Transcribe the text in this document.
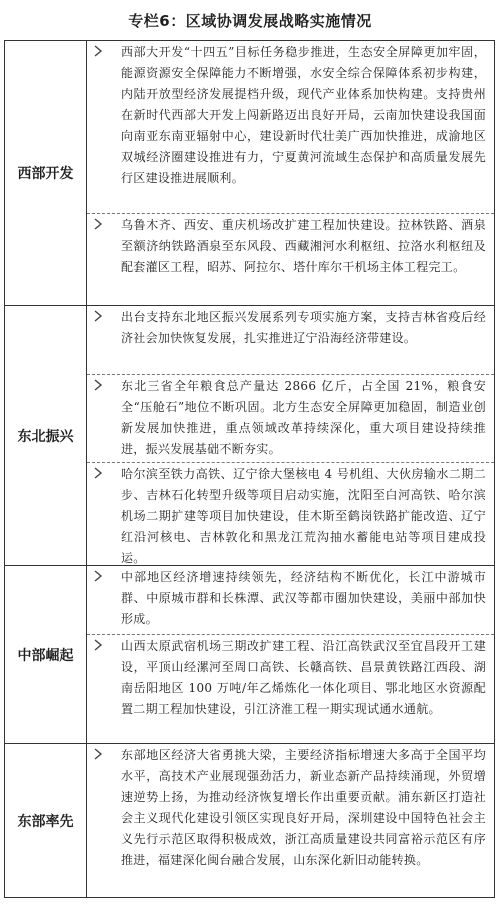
专栏6：区域协调发展战略实施情况
西部开发
西部大开发“十四五”目标任务稳步推进，生态安全屏障更加牢固，能源资源安全保障能力不断增强，水安全综合保障体系初步构建，内陆开放型经济发展提档升级，现代产业体系加快构建。支持贵州在新时代西部大开发上闯新路迈出良好开局，云南加快建设我国面向南亚东南亚辐射中心，建设新时代壮美广西加快推进，成渝地区双城经济圈建设推进有力，宁夏黄河流域生态保护和高质量发展先行区建设推进展顺利。
乌鲁木齐、西安、重庆机场改扩建工程加快建设。拉林铁路、酒泉至额济纳铁路酒泉至东风段、西藏湘河水利枢纽、拉洛水利枢纽及配套灌区工程，昭苏、阿拉尔、塔什库尔干机场主体工程完工。
东北振兴
出台支持东北地区振兴发展系列专项实施方案，支持吉林省疫后经济社会加快恢复发展，扎实推进辽宁沿海经济带建设。
东北三省全年粮食总产量达 2866 亿斤，占全国 21%，粮食安全“压舱石”地位不断巩固。北方生态安全屏障更加稳固，制造业创新发展加快推进，重点领域改革持续深化，重大项目建设持续推进，振兴发展基础不断夯实。
哈尔滨至铁力高铁、辽宁徐大堡核电 4 号机组、大伙房输水二期二步、吉林石化转型升级等项目启动实施，沈阳至白河高铁、哈尔滨机场二期扩建等项目加快建设，佳木斯至鹤岗铁路扩能改造、辽宁红沿河核电、吉林敦化和黑龙江荒沟抽水蓄能电站等项目建成投运。
中部崛起
中部地区经济增速持续领先，经济结构不断优化，长江中游城市群、中原城市群和长株潭、武汉等都市圈加快建设，美丽中部加快形成。
山西太原武宿机场三期改扩建工程、沿江高铁武汉至宜昌段开工建设，平顶山经漯河至周口高铁、长赣高铁、昌景黄铁路江西段、湖南岳阳地区 100 万吨/年乙烯炼化一体化项目、鄂北地区水资源配置二期工程加快建设，引江济淮工程一期实现试通水通航。
东部率先
东部地区经济大省勇挑大梁，主要经济指标增速大多高于全国平均水平，高技术产业展现强劲活力，新业态新产品持续涌现，外贸增速逆势上扬，为推动经济恢复增长作出重要贡献。浦东新区打造社会主义现代化建设引领区实现良好开局，深圳建设中国特色社会主义先行示范区取得积极成效，浙江高质量建设共同富裕示范区有序推进，福建深化闽台融合发展，山东深化新旧动能转换。
